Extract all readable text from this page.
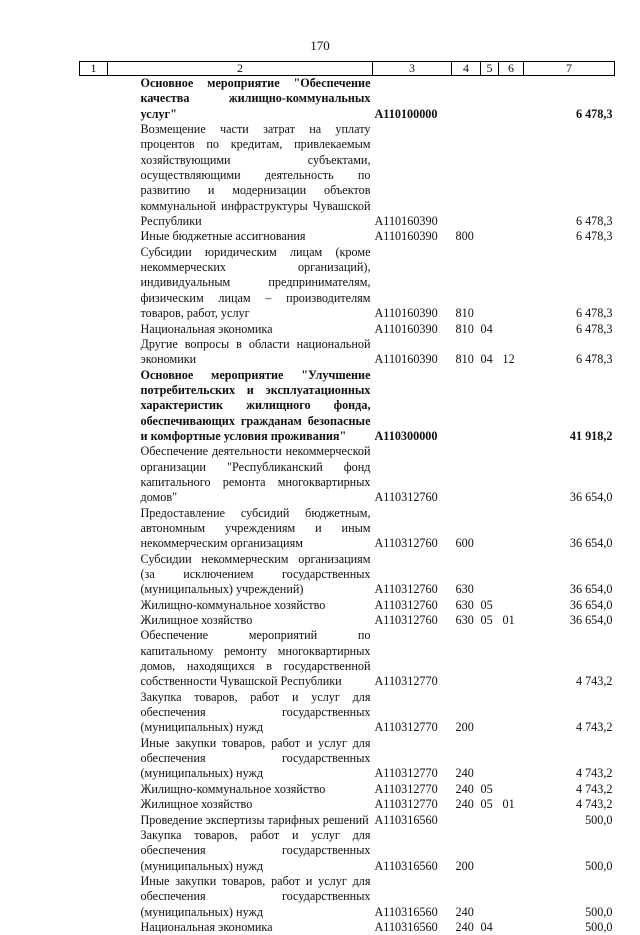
170
1	2	3	4	5	6	7
	Основное мероприятие "Обеспечение качества жилищно-коммунальных услуг"	А110100000				6 478,3
	Возмещение части затрат на уплату процентов по кредитам, привлекаемым хозяйствующими субъектами, осуществляющими деятельность по развитию и модернизации объектов коммунальной инфраструктуры Чувашской Республики	А110160390				6 478,3
	Иные бюджетные ассигнования	А110160390	800			6 478,3
	Субсидии юридическим лицам (кроме некоммерческих организаций), индивидуальным предпринимателям, физическим лицам – производителям товаров, работ, услуг	А110160390	810			6 478,3
	Национальная экономика	А110160390	810	04		6 478,3
	Другие вопросы в области национальной экономики	А110160390	810	04	12	6 478,3
	Основное мероприятие "Улучшение потребительских и эксплуатационных характеристик жилищного фонда, обеспечивающих гражданам безопасные и комфортные условия проживания"	А110300000				41 918,2
	Обеспечение деятельности некоммерческой организации "Республиканский фонд капитального ремонта многоквартирных домов"	А110312760				36 654,0
	Предоставление субсидий бюджетным, автономным учреждениям и иным некоммерческим организациям	А110312760	600			36 654,0
	Субсидии некоммерческим организациям (за исключением государственных (муниципальных) учреждений)	А110312760	630			36 654,0
	Жилищно-коммунальное хозяйство	А110312760	630	05		36 654,0
	Жилищное хозяйство	А110312760	630	05	01	36 654,0
	Обеспечение мероприятий по капитальному ремонту многоквартирных домов, находящихся в государственной собственности Чувашской Республики	А110312770				4 743,2
	Закупка товаров, работ и услуг для обеспечения государственных (муниципальных) нужд	А110312770	200			4 743,2
	Иные закупки товаров, работ и услуг для обеспечения государственных (муниципальных) нужд	А110312770	240			4 743,2
	Жилищно-коммунальное хозяйство	А110312770	240	05		4 743,2
	Жилищное хозяйство	А110312770	240	05	01	4 743,2
	Проведение экспертизы тарифных решений	А110316560				500,0
	Закупка товаров, работ и услуг для обеспечения государственных (муниципальных) нужд	А110316560	200			500,0
	Иные закупки товаров, работ и услуг для обеспечения государственных (муниципальных) нужд	А110316560	240			500,0
	Национальная экономика	А110316560	240	04		500,0
